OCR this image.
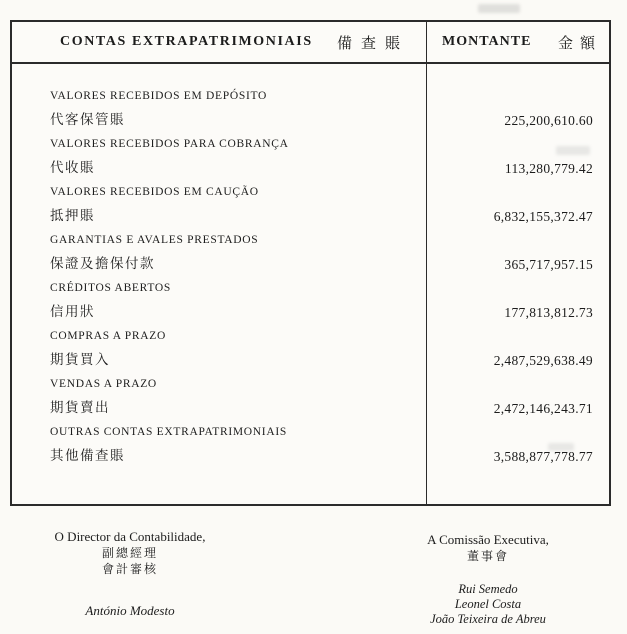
CONTAS EXTRAPATRIMONIAIS 備查賬 MONTANTE 金額
VALORES RECEBIDOS EM DEPÓSITO
代客保管賬	225,200,610.60
VALORES RECEBIDOS PARA COBRANÇA
代收賬	113,280,779.42
VALORES RECEBIDOS EM CAUÇÃO
抵押賬	6,832,155,372.47
GARANTIAS E AVALES PRESTADOS
保證及擔保付款	365,717,957.15
CRÉDITOS ABERTOS
信用狀	177,813,812.73
COMPRAS A PRAZO
期貨買入	2,487,529,638.49
VENDAS A PRAZO
期貨賣出	2,472,146,243.71
OUTRAS CONTAS EXTRAPATRIMONIAIS
其他備查賬	3,588,877,778.77
O Director da Contabilidade,
副總經理
會計審核
António Modesto
A Comissão Executiva,
董事會
Rui Semedo
Leonel Costa
João Teixeira de Abreu
